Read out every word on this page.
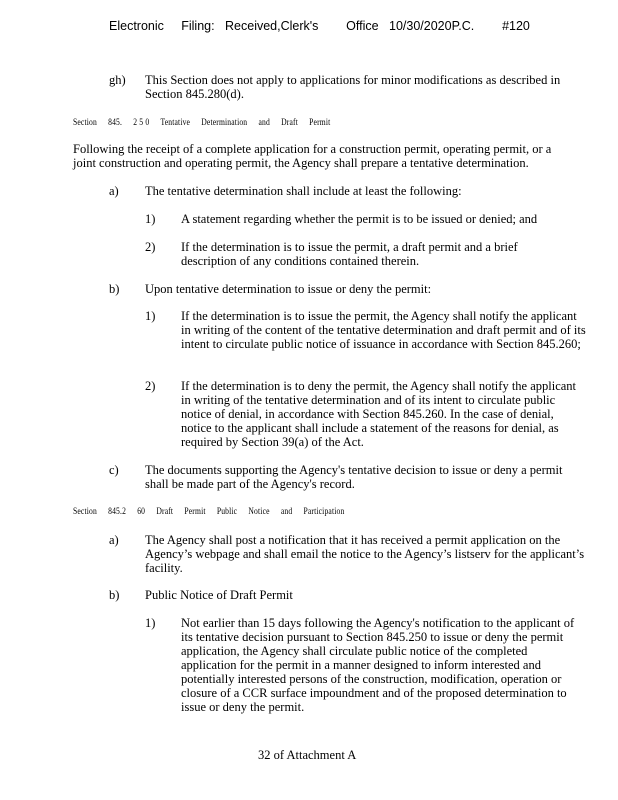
Electronic     Filing:   Received,Clerk's        Office   10/30/2020P.C.        #120
gh) This Section does not apply to applications for minor modifications as described in Section 845.280(d).
Section 845. 2 5 0 Tentative Determination and Draft Permit
Following the receipt of a complete application for a construction permit, operating permit, or a joint construction and operating permit, the Agency shall prepare a tentative determination.
a) The tentative determination shall include at least the following:
1) A statement regarding whether the permit is to be issued or denied; and
2) If the determination is to issue the permit, a draft permit and a brief description of any conditions contained therein.
b) Upon tentative determination to issue or deny the permit:
1) If the determination is to issue the permit, the Agency shall notify the applicant in writing of the content of the tentative determination and draft permit and of its intent to circulate public notice of issuance in accordance with Section 845.260;
2) If the determination is to deny the permit, the Agency shall notify the applicant in writing of the tentative determination and of its intent to circulate public notice of denial, in accordance with Section 845.260. In the case of denial, notice to the applicant shall include a statement of the reasons for denial, as required by Section 39(a) of the Act.
c) The documents supporting the Agency's tentative decision to issue or deny a permit shall be made part of the Agency's record.
Section 845.2 60 Draft Permit Public Notice and Participation
a) The Agency shall post a notification that it has received a permit application on the Agency’s webpage and shall email the notice to the Agency’s listserv for the applicant’s facility.
b) Public Notice of Draft Permit
1) Not earlier than 15 days following the Agency's notification to the applicant of its tentative decision pursuant to Section 845.250 to issue or deny the permit application, the Agency shall circulate public notice of the completed application for the permit in a manner designed to inform interested and potentially interested persons of the construction, modification, operation or closure of a CCR surface impoundment and of the proposed determination to issue or deny the permit.
32 of Attachment A
